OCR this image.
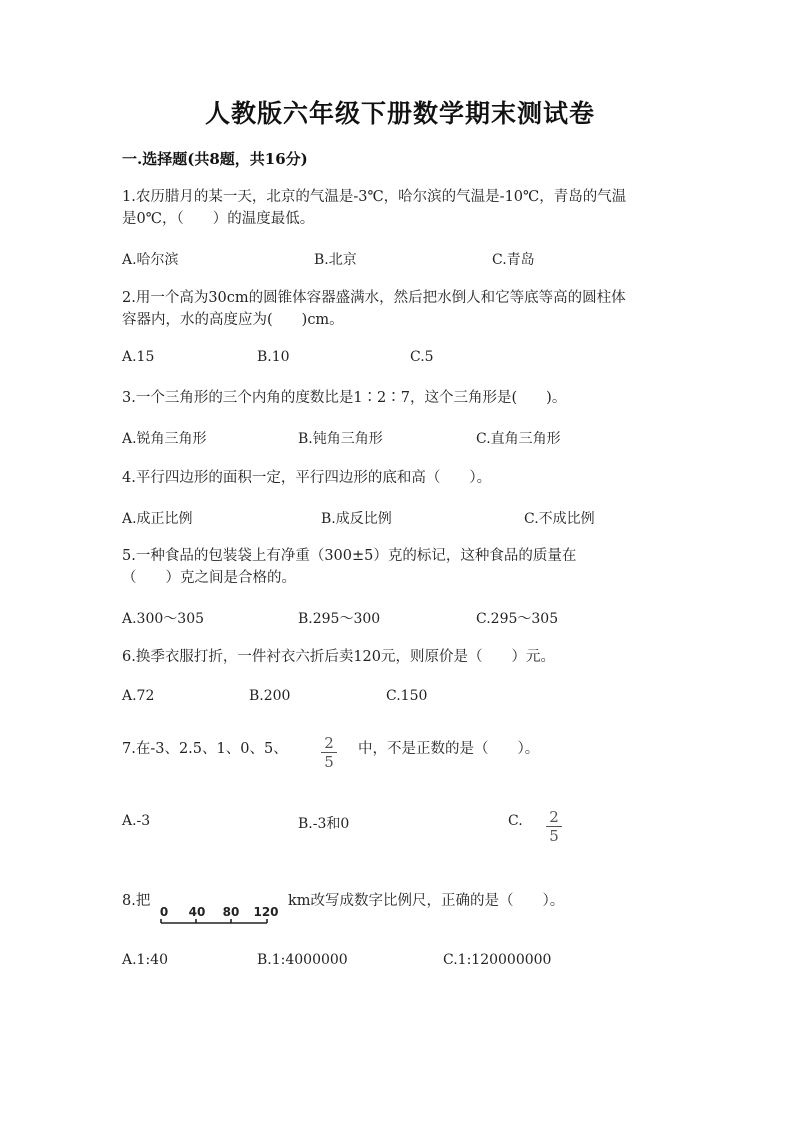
人教版六年级下册数学期末测试卷
一.选择题(共8题，共16分)
1.农历腊月的某一天，北京的气温是-3℃，哈尔滨的气温是-10℃，青岛的气温
是0℃，（　　）的温度最低。
A.哈尔滨	B.北京	C.青岛
2.用一个高为30cm的圆锥体容器盛满水，然后把水倒人和它等底等高的圆柱体
容器内，水的高度应为(　　)cm。
A.15	B.10	C.5
3.一个三角形的三个内角的度数比是1∶2∶7，这个三角形是(　　)。
A.锐角三角形	B.钝角三角形	C.直角三角形
4.平行四边形的面积一定，平行四边形的底和高（　　）。
A.成正比例	B.成反比例	C.不成比例
5.一种食品的包装袋上有净重（300±5）克的标记，这种食品的质量在
（　　）克之间是合格的。
A.300～305	B.295～300	C.295～305
6.换季衣服打折，一件衬衣六折后卖120元，则原价是（　　）元。
A.72	B.200	C.150
7.在-3、2.5、1、0、5、 2
5
中，不是正数的是（　　）。
A.-3	B.-3和0	C. 2
5
8.把
0 40 80 120
km改写成数字比例尺，正确的是（　　）。
A.1:40	B.1:4000000	C.1:120000000
